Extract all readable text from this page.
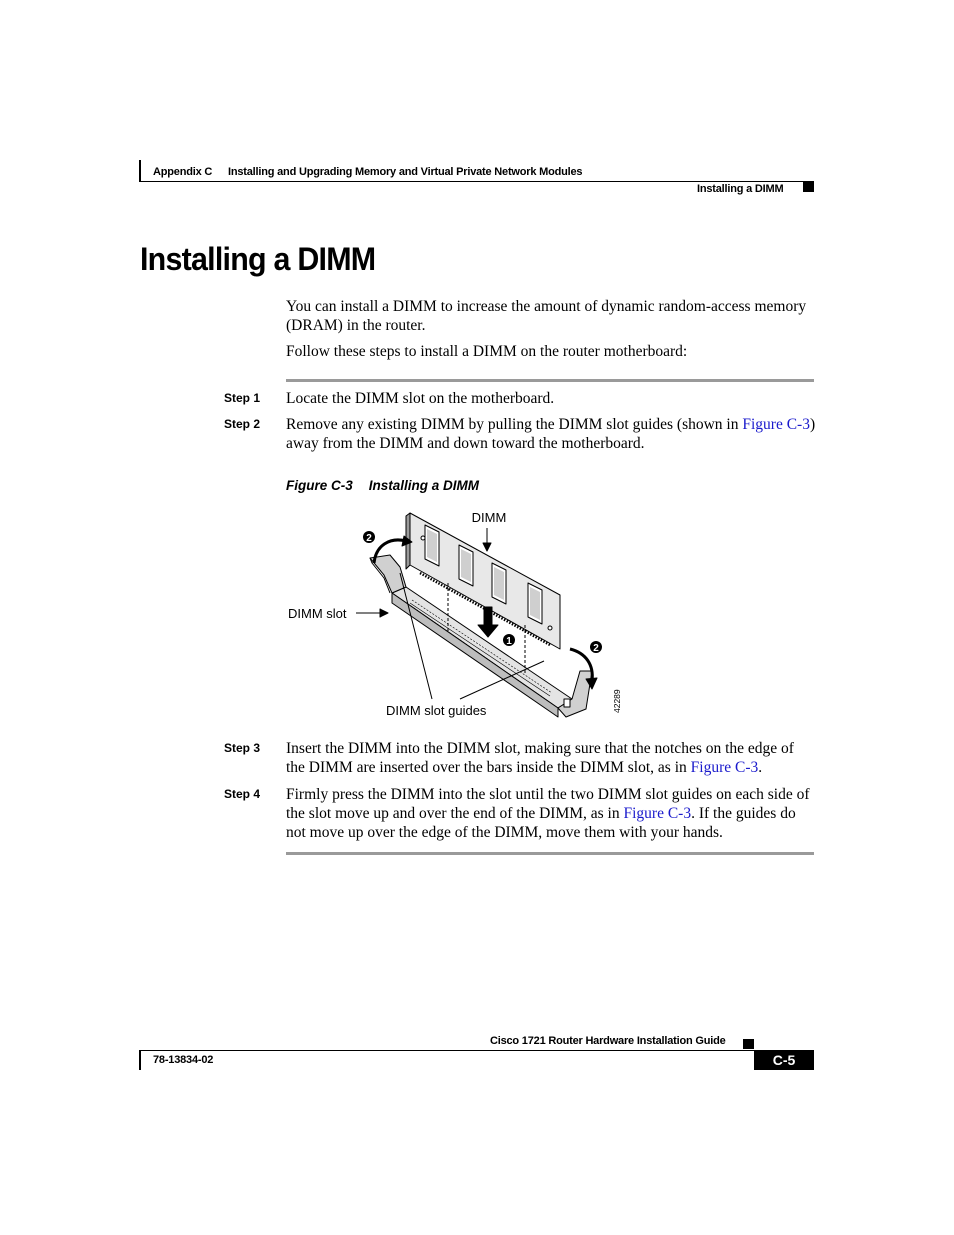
Appendix C Installing and Upgrading Memory and Virtual Private Network Modules
Installing a DIMM
Installing a DIMM

You can install a DIMM to increase the amount of dynamic random-access memory (DRAM) in the router.

Follow these steps to install a DIMM on the router motherboard:

Step 1 Locate the DIMM slot on the motherboard.

Step 2 Remove any existing DIMM by pulling the DIMM slot guides (shown in Figure C-3) away from the DIMM and down toward the motherboard.

Figure C-3 Installing a DIMM
2
1
2
DIMM
DIMM slot
DIMM slot guides	42289
Step 3 Insert the DIMM into the DIMM slot, making sure that the notches on the edge of the DIMM are inserted over the bars inside the DIMM slot, as in Figure C-3.

Step 4 Firmly press the DIMM into the slot until the two DIMM slot guides on each side of the slot move up and over the end of the DIMM, as in Figure C-3. If the guides do not move up over the edge of the DIMM, move them with your hands.

Cisco 1721 Router Hardware Installation Guide
78-13834-02	C-5
